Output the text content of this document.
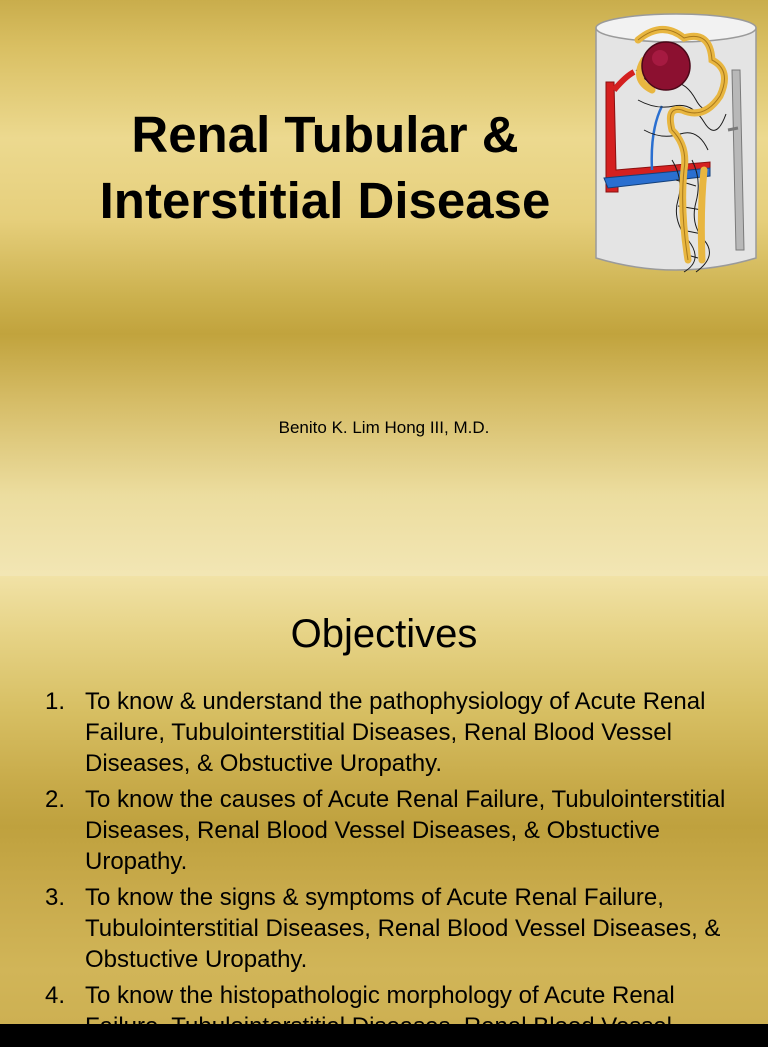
Renal Tubular &
Interstitial Disease
Benito K. Lim Hong III, M.D.
Objectives
1. To know & understand the pathophysiology of Acute Renal Failure, Tubulointerstitial Diseases, Renal Blood Vessel Diseases, & Obstuctive Uropathy.
2. To know the causes of Acute Renal Failure, Tubulointerstitial Diseases, Renal Blood Vessel Diseases, & Obstuctive Uropathy.
3. To know the signs & symptoms of Acute Renal Failure, Tubulointerstitial Diseases, Renal Blood Vessel Diseases, & Obstuctive Uropathy.
4. To know the histopathologic morphology of Acute Renal Failure, Tubulointerstitial Diseases, Renal Blood Vessel
